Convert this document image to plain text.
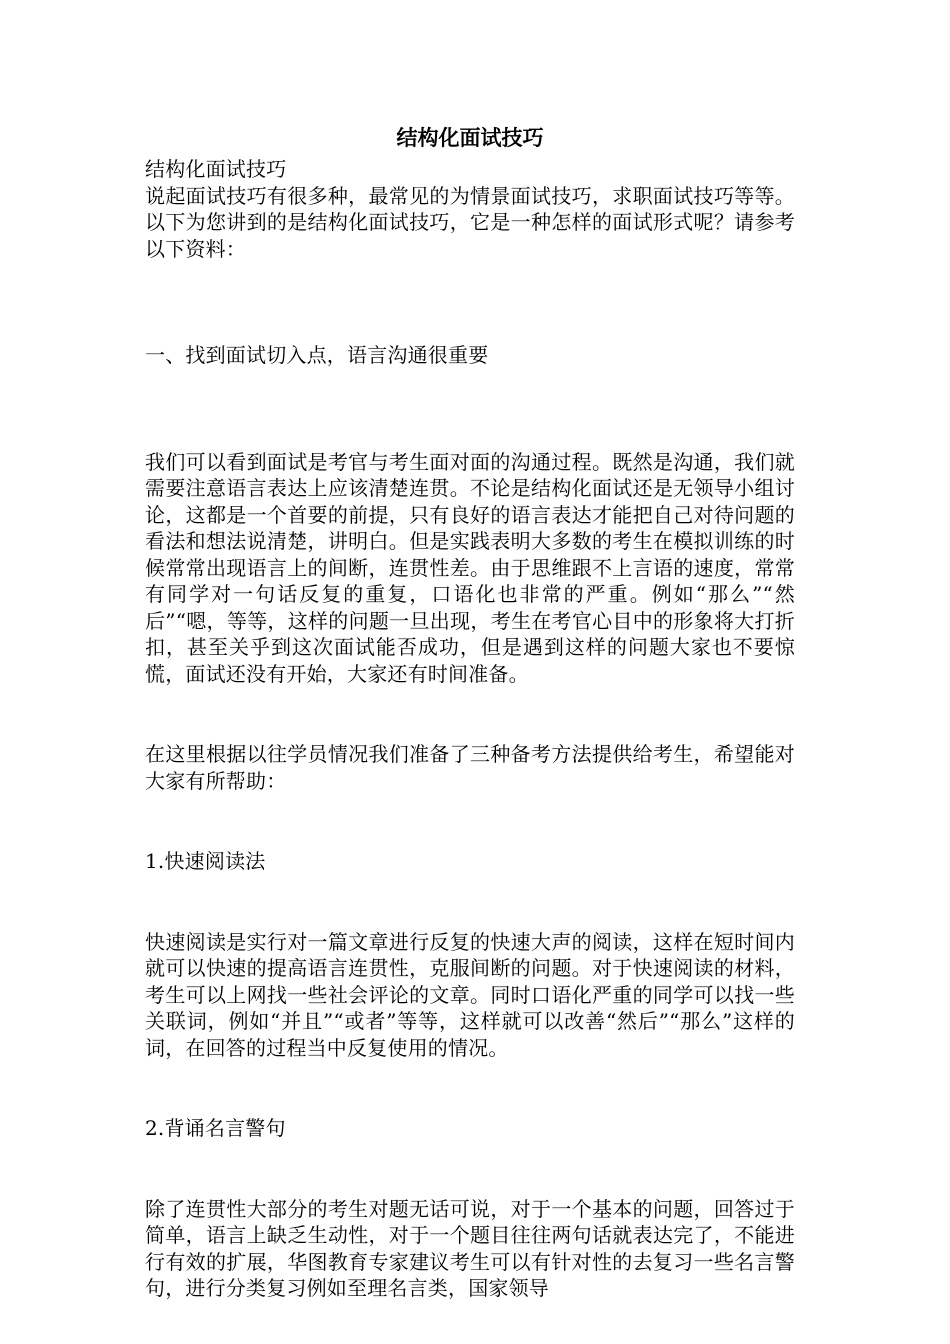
结构化面试技巧

结构化面试技巧

说起面试技巧有很多种，最常见的为情景面试技巧，求职面试技巧等等。以下为您讲到的是结构化面试技巧，它是一种怎样的面试形式呢？请参考以下资料：

一、找到面试切入点，语言沟通很重要

我们可以看到面试是考官与考生面对面的沟通过程。既然是沟通，我们就需要注意语言表达上应该清楚连贯。不论是结构化面试还是无领导小组讨论，这都是一个首要的前提，只有良好的语言表达才能把自己对待问题的看法和想法说清楚，讲明白。但是实践表明大多数的考生在模拟训练的时候常常出现语言上的间断，连贯性差。由于思维跟不上言语的速度，常常有同学对一句话反复的重复，口语化也非常的严重。例如“那么”“然后”“嗯，等等，这样的问题一旦出现，考生在考官心目中的形象将大打折扣，甚至关乎到这次面试能否成功，但是遇到这样的问题大家也不要惊慌，面试还没有开始，大家还有时间准备。

在这里根据以往学员情况我们准备了三种备考方法提供给考生，希望能对大家有所帮助：

1.快速阅读法

快速阅读是实行对一篇文章进行反复的快速大声的阅读，这样在短时间内就可以快速的提高语言连贯性，克服间断的问题。对于快速阅读的材料，考生可以上网找一些社会评论的文章。同时口语化严重的同学可以找一些关联词，例如“并且”“或者”等等，这样就可以改善“然后”“那么”这样的词，在回答的过程当中反复使用的情况。

2.背诵名言警句

除了连贯性大部分的考生对题无话可说，对于一个基本的问题，回答过于简单，语言上缺乏生动性，对于一个题目往往两句话就表达完了，不能进行有效的扩展，华图教育专家建议考生可以有针对性的去复习一些名言警句，进行分类复习例如至理名言类，国家领导
